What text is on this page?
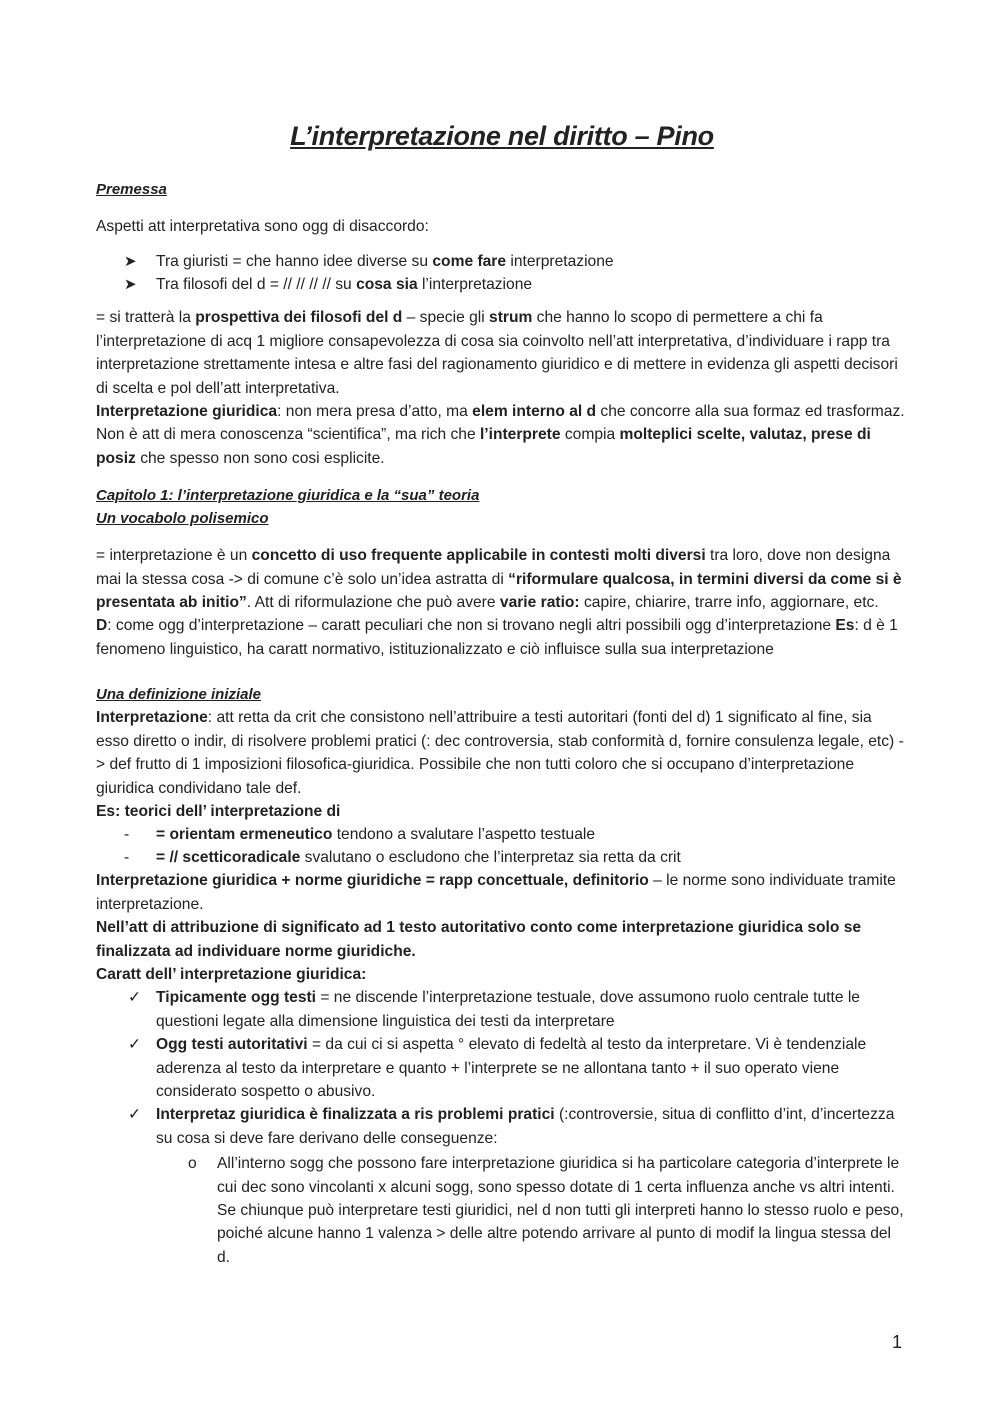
L’interpretazione nel diritto – Pino

Premessa

Aspetti att interpretativa sono ogg di disaccordo:

➤ Tra giuristi = che hanno idee diverse su come fare interpretazione
➤ Tra filosofi del d = // // // // su cosa sia l’interpretazione

= si tratterà la prospettiva dei filosofi del d – specie gli strum che hanno lo scopo di permettere a chi fa l’interpretazione di acq 1 migliore consapevolezza di cosa sia coinvolto nell’att interpretativa, d’individuare i rapp tra interpretazione strettamente intesa e altre fasi del ragionamento giuridico e di mettere in evidenza gli aspetti decisori di scelta e pol dell’att interpretativa.

Interpretazione giuridica: non mera presa d’atto, ma elem interno al d che concorre alla sua formaz ed trasformaz. Non è att di mera conoscenza “scientifica”, ma rich che l’interprete compia molteplici scelte, valutaz, prese di posiz che spesso non sono cosi esplicite.

Capitolo 1: l’interpretazione giuridica e la “sua” teoria

Un vocabolo polisemico

= interpretazione è un concetto di uso frequente applicabile in contesti molti diversi tra loro, dove non designa mai la stessa cosa -> di comune c’è solo un’idea astratta di “riformulare qualcosa, in termini diversi da come si è presentata ab initio”. Att di riformulazione che può avere varie ratio: capire, chiarire, trarre info, aggiornare, etc.

D: come ogg d’interpretazione – caratt peculiari che non si trovano negli altri possibili ogg d’interpretazione Es: d è 1 fenomeno linguistico, ha caratt normativo, istituzionalizzato e ciò influisce sulla sua interpretazione

Una definizione iniziale

Interpretazione: att retta da crit che consistono nell’attribuire a testi autoritari (fonti del d) 1 significato al fine, sia esso diretto o indir, di risolvere problemi pratici (: dec controversia, stab conformità d, fornire consulenza legale, etc) -> def frutto di 1 imposizioni filosofica-giuridica. Possibile che non tutti coloro che si occupano d’interpretazione giuridica condividano tale def.

Es: teorici dell’ interpretazione di

- = orientam ermeneutico tendono a svalutare l’aspetto testuale
- = // scetticoradicale svalutano o escludono che l’interpretaz sia retta da crit

Interpretazione giuridica + norme giuridiche = rapp concettuale, definitorio – le norme sono individuate tramite interpretazione.

Nell’att di attribuzione di significato ad 1 testo autoritativo conto come interpretazione giuridica solo se finalizzata ad individuare norme giuridiche.

Caratt dell’ interpretazione giuridica:

✓ Tipicamente ogg testi = ne discende l’interpretazione testuale, dove assumono ruolo centrale tutte le questioni legate alla dimensione linguistica dei testi da interpretare
✓ Ogg testi autoritativi = da cui ci si aspetta ° elevato di fedeltà al testo da interpretare. Vi è tendenziale aderenza al testo da interpretare e quanto + l’interprete se ne allontana tanto + il suo operato viene considerato sospetto o abusivo.
✓ Interpretaz giuridica è finalizzata a ris problemi pratici (:controversie, situa di conflitto d’int, d’incertezza su cosa si deve fare derivano delle conseguenze:
o All’interno sogg che possono fare interpretazione giuridica si ha particolare categoria d’interprete le cui dec sono vincolanti x alcuni sogg, sono spesso dotate di 1 certa influenza anche vs altri intenti. Se chiunque può interpretare testi giuridici, nel d non tutti gli interpreti hanno lo stesso ruolo e peso, poiché alcune hanno 1 valenza > delle altre potendo arrivare al punto di modif la lingua stessa del d.
1
